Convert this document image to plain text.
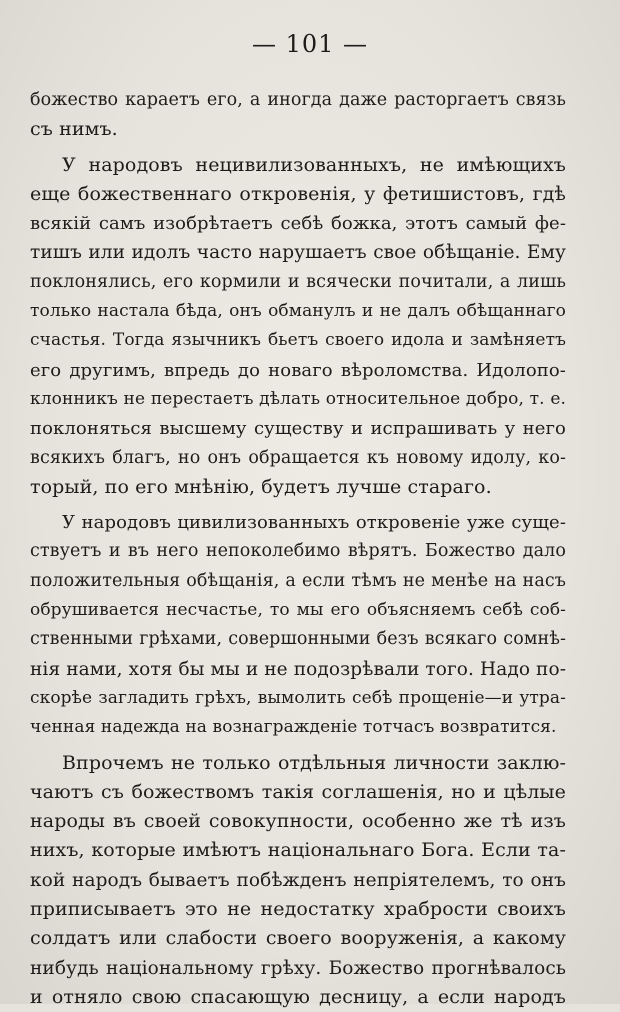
— 101 —
божество караетъ его, а иногда даже расторгаетъ связь
съ нимъ.
У народовъ нецивилизованныхъ, не имѣющихъ
еще божественнаго откровенія, у фетишистовъ, гдѣ
всякій самъ изобрѣтаетъ себѣ божка, этотъ самый фе-
тишъ или идолъ часто нарушаетъ свое обѣщаніе. Ему
поклонялись, его кормили и всячески почитали, а лишь
только настала бѣда, онъ обманулъ и не далъ обѣщаннаго
счастья. Тогда язычникъ бьетъ своего идола и замѣняетъ
его другимъ, впредь до новаго вѣроломства. Идолопо-
клонникъ не перестаетъ дѣлать относительное добро, т. е.
поклоняться высшему существу и испрашивать у него
всякихъ благъ, но онъ обращается къ новому идолу, ко-
торый, по его мнѣнію, будетъ лучше стараго.
У народовъ цивилизованныхъ откровеніе уже суще-
ствуетъ и въ него непоколебимо вѣрятъ. Божество дало
положительныя обѣщанія, а если тѣмъ не менѣе на насъ
обрушивается несчастье, то мы его объясняемъ себѣ соб-
ственными грѣхами, совершонными безъ всякаго сомнѣ-
нія нами, хотя бы мы и не подозрѣвали того. Надо по-
скорѣе загладить грѣхъ, вымолить себѣ прощеніе—и утра-
ченная надежда на вознагражденіе тотчасъ возвратится.
Впрочемъ не только отдѣльныя личности заклю-
чаютъ съ божествомъ такія соглашенія, но и цѣлые
народы въ своей совокупности, особенно же тѣ изъ
нихъ, которые имѣютъ національнаго Бога. Если та-
кой народъ бываетъ побѣжденъ непріятелемъ, то онъ
приписываетъ это не недостатку храбрости своихъ
солдатъ или слабости своего вооруженія, а какому
нибудь національному грѣху. Божество прогнѣвалось
и отняло свою спасающую десницу, а если народъ
